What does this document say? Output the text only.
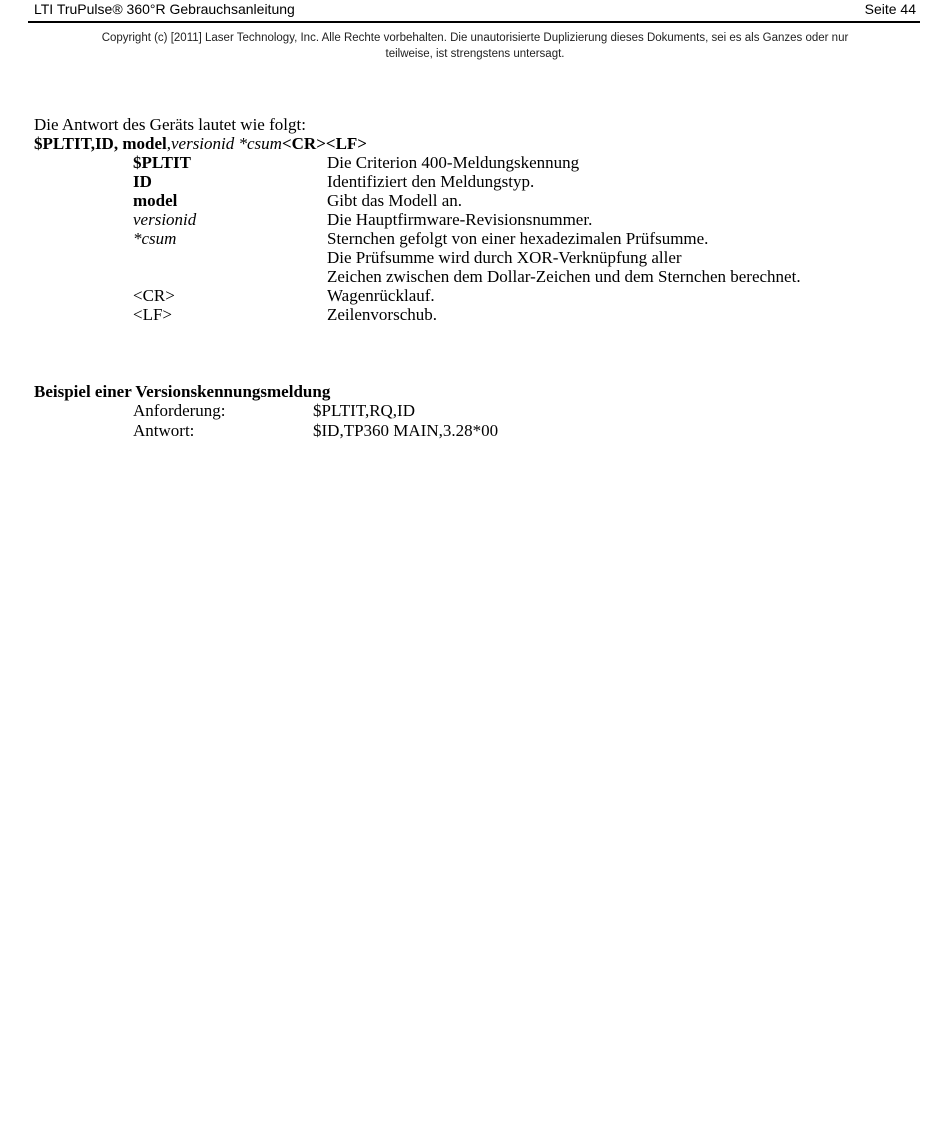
LTI TruPulse® 360°R Gebrauchsanleitung	Seite 44
Copyright (c) [2011] Laser Technology, Inc. Alle Rechte vorbehalten. Die unautorisierte Duplizierung dieses Dokuments, sei es als Ganzes oder nur
teilweise, ist strengstens untersagt.
Die Antwort des Geräts lautet wie folgt:
$PLTIT,ID, model,versionid *csum<CR><LF>
$PLTIT	Die Criterion 400-Meldungskennung
ID	Identifiziert den Meldungstyp.
model	Gibt das Modell an.
versionid	Die Hauptfirmware-Revisionsnummer.
*csum	Sternchen gefolgt von einer hexadezimalen Prüfsumme.
Die Prüfsumme wird durch XOR-Verknüpfung aller
Zeichen zwischen dem Dollar-Zeichen und dem Sternchen berechnet.
<CR>	Wagenrücklauf.
<LF>	Zeilenvorschub.
Beispiel einer Versionskennungsmeldung
Anforderung:	$PLTIT,RQ,ID
Antwort:	$ID,TP360 MAIN,3.28*00
